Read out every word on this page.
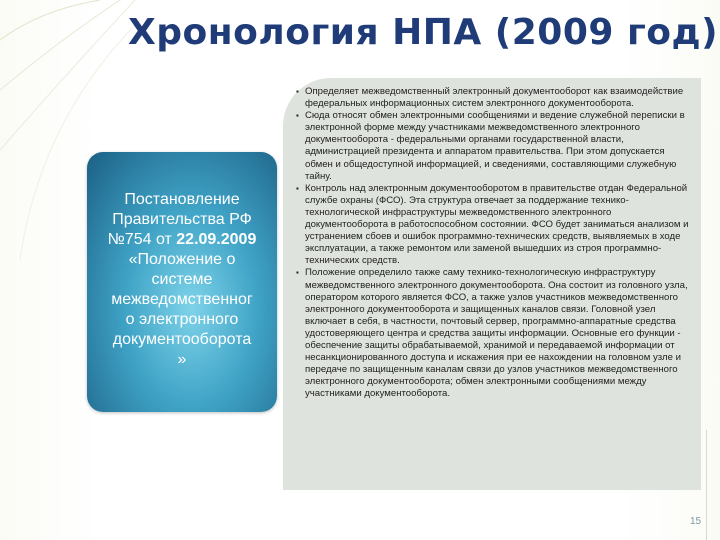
Хронология НПА (2009 год)
Постановление
Правительства РФ
№754 от 22.09.2009
«Положение о
системе
межведомственног
о электронного
документооборота
»

▪ Определяет межведомственный электронный документооборот как взаимодействие федеральных информационных систем электронного документооборота.

▪ Сюда относят обмен электронными сообщениями и ведение служебной переписки в электронной форме между участниками межведомственного электронного документооборота - федеральными органами государственной власти, администрацией президента и аппаратом правительства. При этом допускается обмен и общедоступной информацией, и сведениями, составляющими служебную тайну.

▪ Контроль над электронным документооборотом в правительстве отдан Федеральной службе охраны (ФСО). Эта структура отвечает за поддержание технико-технологической инфраструктуры межведомственного электронного документооборота в работоспособном состоянии. ФСО будет заниматься анализом и устранением сбоев и ошибок программно-технических средств, выявляемых в ходе эксплуатации, а также ремонтом или заменой вышедших из строя программно-технических средств.

▪ Положение определило также саму технико-технологическую инфраструктуру межведомственного электронного документооборота. Она состоит из головного узла, оператором которого является ФСО, а также узлов участников межведомственного электронного документооборота и защищенных каналов связи. Головной узел включает в себя, в частности, почтовый сервер, программно-аппаратные средства удостоверяющего центра и средства защиты информации. Основные его функции - обеспечение защиты обрабатываемой, хранимой и передаваемой информации от несанкционированного доступа и искажения при ее нахождении на головном узле и передаче по защищенным каналам связи до узлов участников межведомственного электронного документооборота; обмен электронными сообщениями между участниками документооборота.

15
